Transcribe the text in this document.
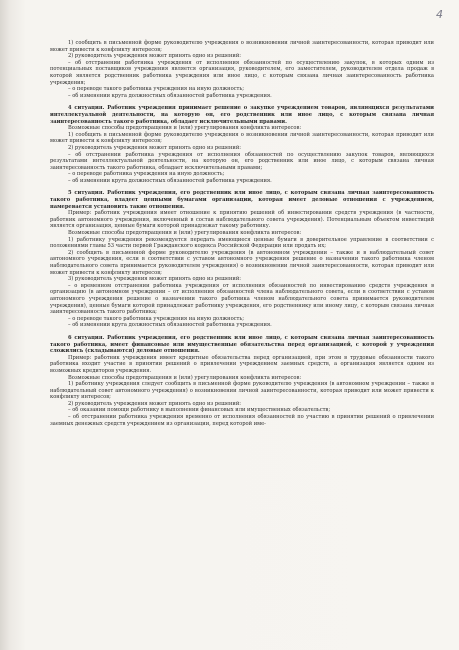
4

1) сообщить в письменной форме руководителю учреждения о возникновении личной заинтересованности, которая приводит или может привести к конфликту интересов;

2) руководитель учреждения может принять одно из решений:

– об отстранении работника учреждения от исполнения обязанностей по осуществлению закупок, в которых одним из потенциальных поставщиков учреждения является организация, руководителем, его заместителем, руководителем отдела продаж в которой является родственник работника учреждения или иное лицо, с которым связана личная заинтересованность работника учреждения;

– о переводе такого работника учреждения на иную должность;

– об изменении круга должностных обязанностей работника учреждения.

4 ситуация. Работник учреждения принимает решение о закупке учреждением товаров, являющихся результатами интеллектуальной деятельности, на которую он, его родственник или иное лицо, с которым связана личная заинтересованность такого работника, обладает исключительными правами.

Возможные способы предотвращения и (или) урегулирования конфликта интересов:

1) сообщить в письменной форме руководителю учреждения о возникновении личной заинтересованности, которая приводит или может привести к конфликту интересов;

2) руководитель учреждения может принять одно из решений:

– об отстранении работника учреждения от исполнения обязанностей по осуществлению закупок товаров, являющихся результатами интеллектуальной деятельности, на которую он, его родственник или иное лицо, с которым связана личная заинтересованность такого работника, обладает исключительными правами;

– о переводе работника учреждения на иную должность;

– об изменении круга должностных обязанностей работника учреждения.

5 ситуация. Работник учреждения, его родственник или иное лицо, с которым связана личная заинтересованность такого работника, владеет ценными бумагами организации, которая имеет деловые отношения с учреждением, намеревается установить такие отношения.

Пример: работник учреждения имеет отношение к принятию решений об инвестировании средств учреждения (в частности, работник автономного учреждения, включенный в состав наблюдательного совета учреждения). Потенциальным объектом инвестиций является организация, ценные бумаги которой принадлежат такому работнику.

Возможные способы предотвращения и (или) урегулирования конфликта интересов:

1) работнику учреждения рекомендуется передать имеющиеся ценные бумаги в доверительное управление в соответствии с положениями главы 53 части первой Гражданского кодекса Российской Федерации или продать их;

2) сообщить в письменной форме руководителю учреждения (в автономном учреждении – также и в наблюдательный совет автономного учреждения, если в соответствии с уставом автономного учреждения решение о назначении такого работника членом наблюдательного совета принимается руководителем учреждения) о возникновении личной заинтересованности, которая приводит или может привести к конфликту интересов;

3) руководитель учреждения может принять одно из решений:

– о временном отстранении работника учреждения от исполнения обязанностей по инвестированию средств учреждения в организацию (в автономном учреждении – от исполнения обязанностей члена наблюдательного совета, если в соответствии с уставом автономного учреждения решение о назначении такого работника членом наблюдательного совета принимается руководителем учреждения), ценные бумаги которой принадлежат работнику учреждения, его родственнику или иному лицу, с которым связана личная заинтересованность такого работника;

– о переводе такого работника учреждения на иную должность;

– об изменении круга должностных обязанностей работника учреждения.

6 ситуация. Работник учреждения, его родственник или иное лицо, с которым связана личная заинтересованность такого работника, имеет финансовые или имущественные обязательства перед организацией, с которой у учреждения сложились (складываются) деловые отношения.

Пример: работник учреждения имеет кредитные обязательства перед организацией, при этом в трудовые обязанности такого работника входит участие в принятии решений о привлечении учреждением заемных средств, а организация является одним из возможных кредиторов учреждения.

Возможные способы предотвращения и (или) урегулирования конфликта интересов:

1) работнику учреждения следует сообщить в письменной форме руководителю учреждения (в автономном учреждении – также в наблюдательный совет автономного учреждения) о возникновении личной заинтересованности, которая приводит или может привести к конфликту интересов;

2) руководитель учреждения может принять одно из решений:

– об оказании помощи работнику в выполнении финансовых или имущественных обязательств;

– об отстранении работника учреждения временно от исполнения обязанностей по участию в принятии решений о привлечении заемных денежных средств учреждением из организации, перед которой име-
